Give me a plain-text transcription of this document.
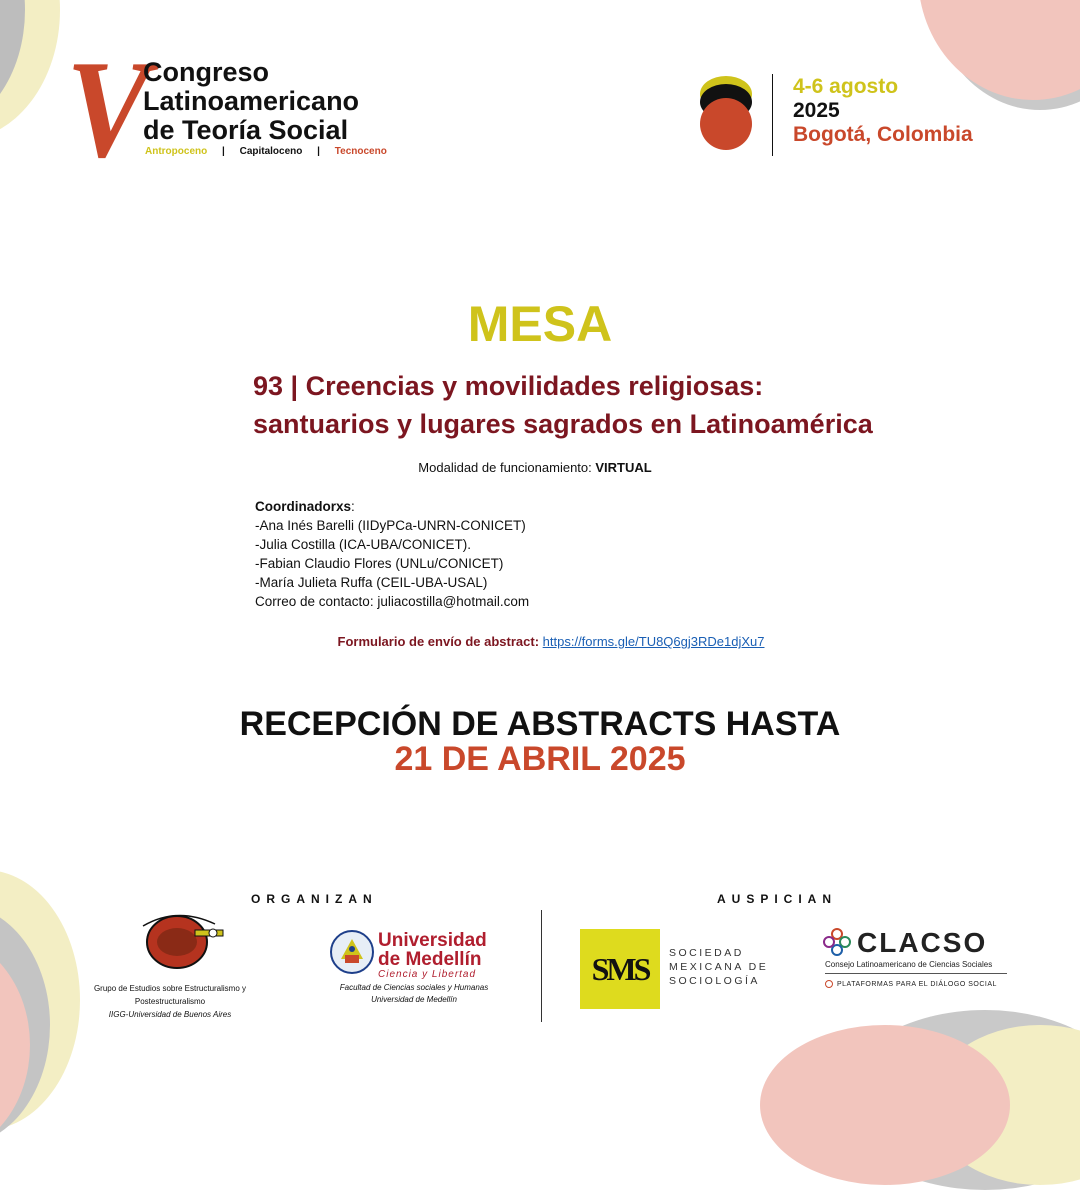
V
Congreso
Latinoamericano
de Teoría Social
Antropoceno | Capitaloceno | Tecnoceno
4-6 agosto
2025
Bogotá, Colombia
MESA
93 | Creencias y movilidades religiosas:
santuarios y lugares sagrados en Latinoamérica
Modalidad de funcionamiento: VIRTUAL
Coordinadorxs:
-Ana Inés Barelli (IIDyPCa-UNRN-CONICET)
-Julia Costilla (ICA-UBA/CONICET).
-Fabian Claudio Flores (UNLu/CONICET)
-María Julieta Ruffa (CEIL-UBA-USAL)
Correo de contacto: juliacostilla@hotmail.com
Formulario de envío de abstract: https://forms.gle/TU8Q6gj3RDe1djXu7
RECEPCIÓN DE ABSTRACTS HASTA
21 DE ABRIL 2025
ORGANIZAN	AUSPICIAN
Grupo de Estudios sobre Estructuralismo y
Postestructuralismo
IIGG-Universidad de Buenos Aires
Universidad
de Medellín
Ciencia y Libertad
Facultad de Ciencias sociales y Humanas
Universidad de Medellín
SMS SOCIEDAD
MEXICANA DE
SOCIOLOGÍA
CLACSO
Consejo Latinoamericano de Ciencias Sociales
PLATAFORMAS PARA EL DIÁLOGO SOCIAL
